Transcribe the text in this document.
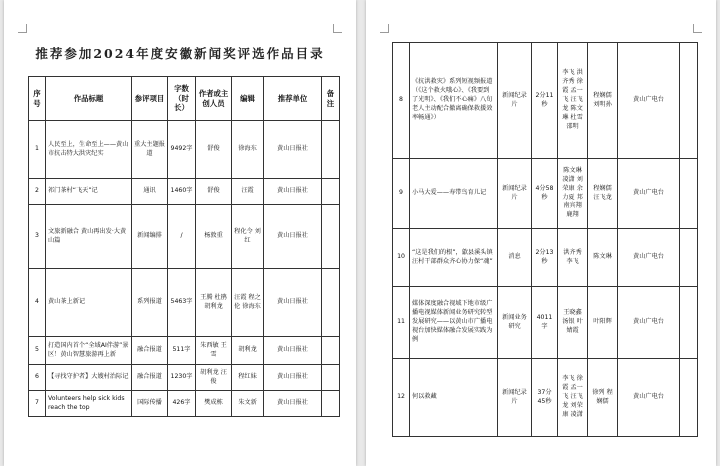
推荐参加2024年度安徽新闻奖评选作品目录
序号	作品标题	参评项目	字数（时长）	作者或主创人员	编辑	推荐单位	备注
1	人民至上，生命至上——黄山市抗击特大洪灾纪实	重大主题报道	9492字	舒俊	徐海东	黄山日报社	
2	祁门茶村“飞天”记	通讯	1460字	舒俊	汪霞	黄山日报社	
3	文旅新融合 黄山再出发·大黄山篇	新闻编排	/	杨敦重	程化令 刘 红	黄山日报社	
4	黄山茶上新记	系列报道	5463字	王腾 杜鹃 胡利龙	汪霞 程之伦 徐海东	黄山日报社	
5	打造国内首个“全域AI伴游”景区！黄山智慧旅游再上新	融合报道	511字	朱西敏 王雪	胡利龙	黄山日报社	
6	【寻找守护者】大嫂村治际记	融合报道	1230字	胡利龙 汪俊	程红妹	黄山日报社	
7	Volunteers help sick kids reach the top	国际传播	426字	樊成栋	朱文新	黄山日报社	
8	《抗洪救灾》系列短视频报道（《这个救火哦心》、《我要到了光明》、《我们不心痛》八旬老人主动配合撤离确保救援效率畅通》）	新闻纪录片	2分11秒	李飞 洪齐秀 徐霞 孟一飞 汪飞龙 陈文琳 杜雪 邵明	程娴儒 刘明孙	黄山广电台	
9	小马大爱——寿带鸟育儿记	新闻纪录片	4分58秒	陈文琳 凌潇 刘荣康 余力夏 邦南宾翔 鹿翔	程娴儒 汪飞龙	黄山广电台	
10	“这是我们的根”，歙县溪头镇汪村干部群众齐心协力保“魂”	消息	2分13秒	洪齐秀 李飞	陈文琳	黄山广电台	
11	媒体深度融合视域下地市级广播电视媒体新闻业务研究转型发展研究——以黄山市广播电视台加快媒体融合发展实践为例	新闻业务研究	4011字	王晓鑫 汤银 叶婧霞	叶阳辉	黄山广电台	
12	何以救藏	新闻纪录片	37分45秒	李飞 徐霞 孟一飞 汪飞龙 刘荣康 凌潇	徐列 程娴儒	黄山广电台	
